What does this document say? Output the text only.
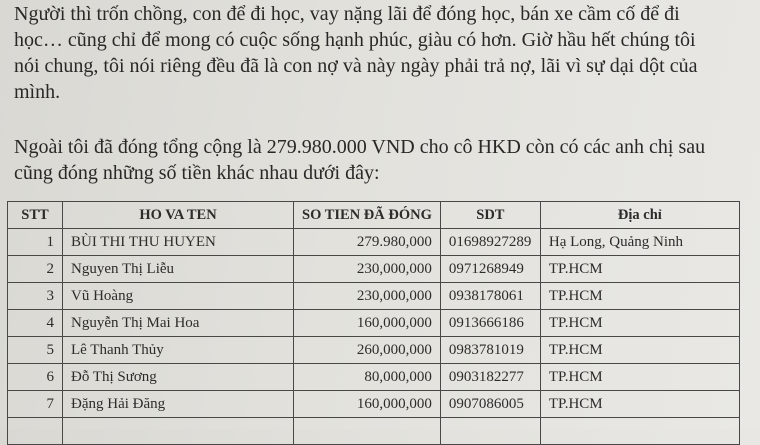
Người thì trốn chồng, con để đi học, vay nặng lãi để đóng học, bán xe cầm cố để đi
học… cũng chỉ để mong có cuộc sống hạnh phúc, giàu có hơn. Giờ hầu hết chúng tôi
nói chung, tôi nói riêng đều đã là con nợ và này ngày phải trả nợ, lãi vì sự dại dột của
mình.
Ngoài tôi đã đóng tổng cộng là 279.980.000 VND cho cô HKD còn có các anh chị sau
cũng đóng những số tiền khác nhau dưới đây:
STT	HO VA TEN	SO TIEN ĐÃ ĐÓNG	SDT	Địa chỉ
1	BÙI THI THU HUYEN	279.980,000	01698927289	Hạ Long, Quảng Ninh
2	Nguyen Thị Liễu	230,000,000	0971268949	TP.HCM
3	Vũ Hoàng	230,000,000	0938178061	TP.HCM
4	Nguyễn Thị Mai Hoa	160,000,000	0913666186	TP.HCM
5	Lê Thanh Thủy	260,000,000	0983781019	TP.HCM
6	Đỗ Thị Sương	80,000,000	0903182277	TP.HCM
7	Đặng Hải Đăng	160,000,000	0907086005	TP.HCM
